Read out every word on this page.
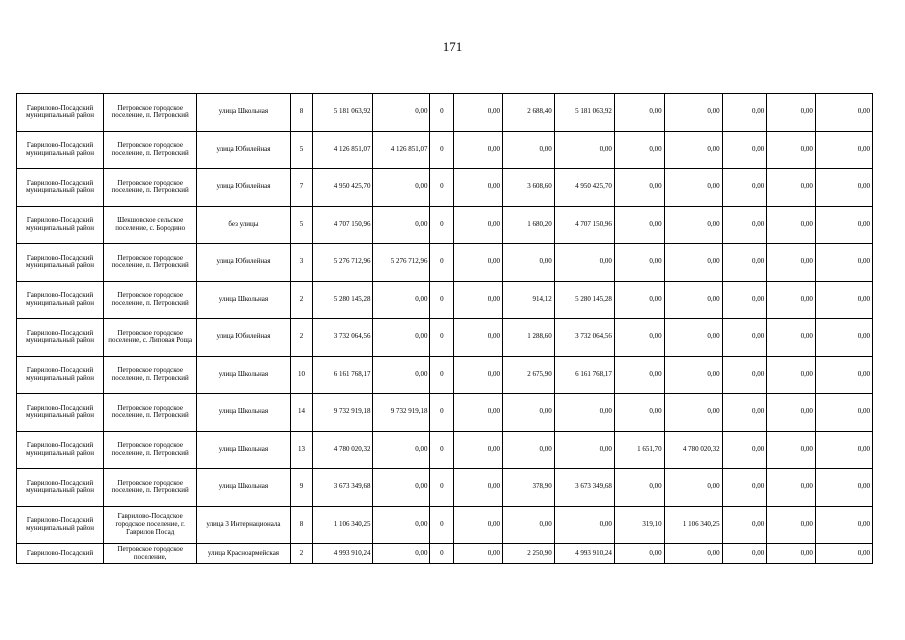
171
Гаврилово-Посадский муниципальный район	Петровское городское поселение, п. Петровский	улица Школьная	8	5 181 063,92	0,00	0	0,00	2 688,40	5 181 063,92	0,00	0,00	0,00	0,00	0,00
Гаврилово-Посадский муниципальный район	Петровское городское поселение, п. Петровский	улица Юбилейная	5	4 126 851,07	4 126 851,07	0	0,00	0,00	0,00	0,00	0,00	0,00	0,00	0,00
Гаврилово-Посадский муниципальный район	Петровское городское поселение, п. Петровский	улица Юбилейная	7	4 950 425,70	0,00	0	0,00	3 608,60	4 950 425,70	0,00	0,00	0,00	0,00	0,00
Гаврилово-Посадский муниципальный район	Шекшовское сельское поселение, с. Бородино	без улицы	5	4 707 150,96	0,00	0	0,00	1 680,20	4 707 150,96	0,00	0,00	0,00	0,00	0,00
Гаврилово-Посадский муниципальный район	Петровское городское поселение, п. Петровский	улица Юбилейная	3	5 276 712,96	5 276 712,96	0	0,00	0,00	0,00	0,00	0,00	0,00	0,00	0,00
Гаврилово-Посадский муниципальный район	Петровское городское поселение, п. Петровский	улица Школьная	2	5 280 145,28	0,00	0	0,00	914,12	5 280 145,28	0,00	0,00	0,00	0,00	0,00
Гаврилово-Посадский муниципальный район	Петровское городское поселение, с. Липовая Роща	улица Юбилейная	2	3 732 064,56	0,00	0	0,00	1 288,60	3 732 064,56	0,00	0,00	0,00	0,00	0,00
Гаврилово-Посадский муниципальный район	Петровское городское поселение, п. Петровский	улица Школьная	10	6 161 768,17	0,00	0	0,00	2 675,90	6 161 768,17	0,00	0,00	0,00	0,00	0,00
Гаврилово-Посадский муниципальный район	Петровское городское поселение, п. Петровский	улица Школьная	14	9 732 919,18	9 732 919,18	0	0,00	0,00	0,00	0,00	0,00	0,00	0,00	0,00
Гаврилово-Посадский муниципальный район	Петровское городское поселение, п. Петровский	улица Школьная	13	4 780 020,32	0,00	0	0,00	0,00	0,00	1 651,70	4 780 020,32	0,00	0,00	0,00
Гаврилово-Посадский муниципальный район	Петровское городское поселение, п. Петровский	улица Школьная	9	3 673 349,68	0,00	0	0,00	378,90	3 673 349,68	0,00	0,00	0,00	0,00	0,00
Гаврилово-Посадский муниципальный район	Гаврилово-Посадское городское поселение, г. Гаврилов Посад	улица 3 Интернационала	8	1 106 340,25	0,00	0	0,00	0,00	0,00	319,10	1 106 340,25	0,00	0,00	0,00
Гаврилово-Посадский	Петровское городское поселение,	улица Красноармейская	2	4 993 910,24	0,00	0	0,00	2 250,90	4 993 910,24	0,00	0,00	0,00	0,00	0,00
